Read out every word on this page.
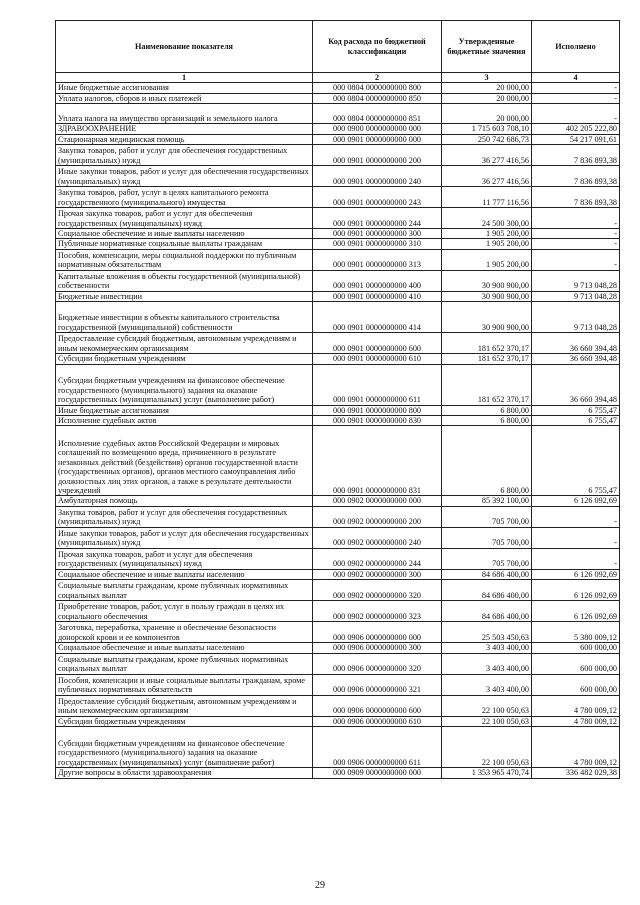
Наименование показателя	Код расхода по бюджетной классификации	Утвержденные бюджетные значения	Исполнено
1	2	3	4
Иные бюджетные ассигнования	000 0804 0000000000 800	20 000,00	-
Уплата налогов, сборов и иных платежей	000 0804 0000000000 850	20 000,00	-
Уплата налога на имущество организаций и земельного налога	000 0804 0000000000 851	20 000,00	-
ЗДРАВООХРАНЕНИЕ	000 0900 0000000000 000	1 715 603 708,10	402 205 222,80
Стационарная медицинская помощь	000 0901 0000000000 000	250 742 686,73	54 217 091,61
Закупка товаров, работ и услуг для обеспечения государственных (муниципальных) нужд	000 0901 0000000000 200	36 277 416,56	7 836 893,38
Иные закупки товаров, работ и услуг для обеспечения государственных (муниципальных) нужд	000 0901 0000000000 240	36 277 416,56	7 836 893,38
Закупка товаров, работ, услуг в целях капитального ремонта государственного (муниципального) имущества	000 0901 0000000000 243	11 777 116,56	7 836 893,38
Прочая закупка товаров, работ и услуг для обеспечения государственных (муниципальных) нужд	000 0901 0000000000 244	24 500 300,00	-
Социальное обеспечение и иные выплаты населению	000 0901 0000000000 300	1 905 200,00	-
Публичные нормативные социальные выплаты гражданам	000 0901 0000000000 310	1 905 200,00	-
Пособия, компенсации, меры социальной поддержки по публичным нормативным обязательствам	000 0901 0000000000 313	1 905 200,00	-
Капитальные вложения в объекты государственной (муниципальной) собственности	000 0901 0000000000 400	30 900 900,00	9 713 048,28
Бюджетные инвестиции	000 0901 0000000000 410	30 900 900,00	9 713 048,28
Бюджетные инвестиции в объекты капитального строительства государственной (муниципальной) собственности	000 0901 0000000000 414	30 900 900,00	9 713 048,28
Предоставление субсидий бюджетным, автономным учреждениям и иным некоммерческим организациям	000 0901 0000000000 600	181 652 370,17	36 660 394,48
Субсидии бюджетным учреждениям	000 0901 0000000000 610	181 652 370,17	36 660 394,48
Субсидии бюджетным учреждениям на финансовое обеспечение государственного (муниципального) задания на оказание государственных (муниципальных) услуг (выполнение работ)	000 0901 0000000000 611	181 652 370,17	36 660 394,48
Иные бюджетные ассигнования	000 0901 0000000000 800	6 800,00	6 755,47
Исполнение судебных актов	000 0901 0000000000 830	6 800,00	6 755,47
Исполнение судебных актов Российской Федерации и мировых соглашений по возмещению вреда, причиненного в результате незаконных действий (бездействия) органов государственной власти (государственных органов), органов местного самоуправления либо должностных лиц этих органов, а также в результате деятельности учреждений	000 0901 0000000000 831	6 800,00	6 755,47
Амбулаторная помощь	000 0902 0000000000 000	85 392 100,00	6 126 092,69
Закупка товаров, работ и услуг для обеспечения государственных (муниципальных) нужд	000 0902 0000000000 200	705 700,00	-
Иные закупки товаров, работ и услуг для обеспечения государственных (муниципальных) нужд	000 0902 0000000000 240	705 700,00	-
Прочая закупка товаров, работ и услуг для обеспечения государственных (муниципальных) нужд	000 0902 0000000000 244	705 700,00	-
Социальное обеспечение и иные выплаты населению	000 0902 0000000000 300	84 686 400,00	6 126 092,69
Социальные выплаты гражданам, кроме публичных нормативных социальных выплат	000 0902 0000000000 320	84 686 400,00	6 126 092,69
Приобретение товаров, работ, услуг в пользу граждан в целях их социального обеспечения	000 0902 0000000000 323	84 686 400,00	6 126 092,69
Заготовка, переработка, хранение и обеспечение безопасности донорской крови и ее компонентов	000 0906 0000000000 000	25 503 450,63	5 380 009,12
Социальное обеспечение и иные выплаты населению	000 0906 0000000000 300	3 403 400,00	600 000,00
Социальные выплаты гражданам, кроме публичных нормативных социальных выплат	000 0906 0000000000 320	3 403 400,00	600 000,00
Пособия, компенсации и иные социальные выплаты гражданам, кроме публичных нормативных обязательств	000 0906 0000000000 321	3 403 400,00	600 000,00
Предоставление субсидий бюджетным, автономным учреждениям и иным некоммерческим организациям	000 0906 0000000000 600	22 100 050,63	4 780 009,12
Субсидии бюджетным учреждениям	000 0906 0000000000 610	22 100 050,63	4 780 009,12
Субсидии бюджетным учреждениям на финансовое обеспечение государственного (муниципального) задания на оказание государственных (муниципальных) услуг (выполнение работ)	000 0906 0000000000 611	22 100 050,63	4 780 009,12
Другие вопросы в области здравоохранения	000 0909 0000000000 000	1 353 965 470,74	336 482 029,38
29
